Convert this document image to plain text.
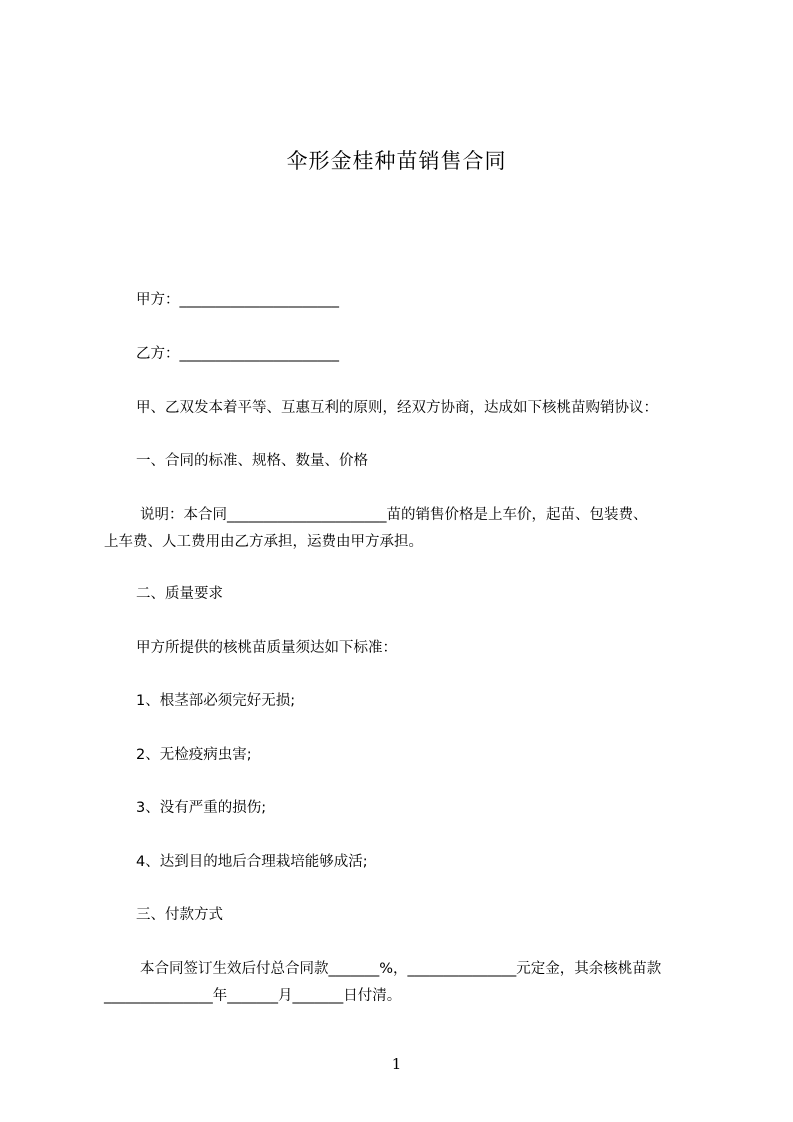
伞形金桂种苗销售合同

甲方：______________________

乙方：______________________

甲、乙双发本着平等、互惠互利的原则，经双方协商，达成如下核桃苗购销协议：

一、合同的标准、规格、数量、价格

说明：本合同______________________苗的销售价格是上车价，起苗、包装费、

上车费、人工费用由乙方承担，运费由甲方承担。

二、质量要求

甲方所提供的核桃苗质量须达如下标准：

1、根茎部必须完好无损;

2、无检疫病虫害;

3、没有严重的损伤;

4、达到目的地后合理栽培能够成活;

三、付款方式

本合同签订生效后付总合同款_______%，_______________元定金，其余核桃苗款

_______________年_______月_______日付清。

1
